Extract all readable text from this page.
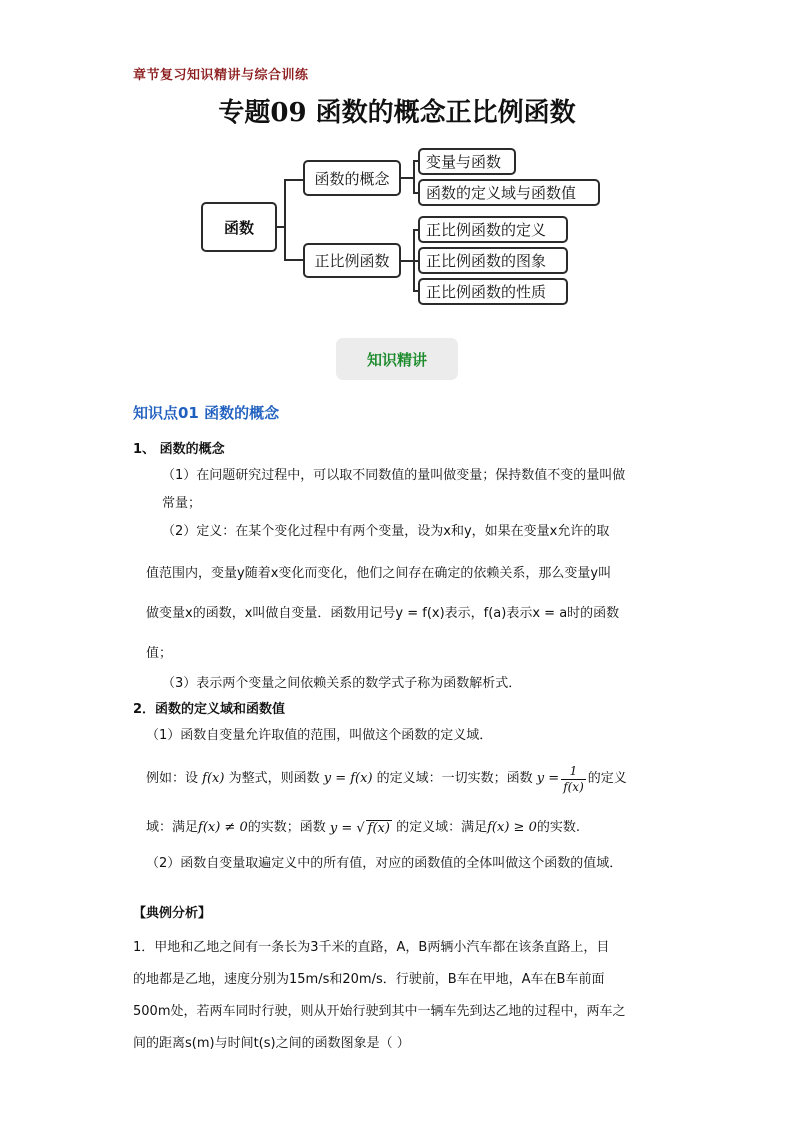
章节复习知识精讲与综合训练
专题09 函数的概念正比例函数
函数
函数的概念
正比例函数
变量与函数
函数的定义域与函数值
正比例函数的定义
正比例函数的图象
正比例函数的性质
知识精讲
知识点01 函数的概念
1、 函数的概念
（1）在问题研究过程中，可以取不同数值的量叫做变量；保持数值不变的量叫做
常量；
（2）定义：在某个变化过程中有两个变量，设为x和y，如果在变量x允许的取
值范围内，变量y随着x变化而变化，他们之间存在确定的依赖关系，那么变量y叫
做变量x的函数，x叫做自变量．函数用记号y = f(x)表示，f(a)表示x = a时的函数
值；
（3）表示两个变量之间依赖关系的数学式子称为函数解析式．
2．函数的定义域和函数值
（1）函数自变量允许取值的范围，叫做这个函数的定义域．
例如：设 f(x) 为整式，则函数 y = f(x) 的定义域：一切实数；函数 $y = \frac{1}{f(x)}$ 的定义
域：满足 f(x) ≠ 0 的实数；函数 y = √ f(x) 的定义域：满足 f(x) ≥ 0 的实数.
（2）函数自变量取遍定义中的所有值，对应的函数值的全体叫做这个函数的值域．
【典例分析】
1．甲地和乙地之间有一条长为3千米的直路，A，B两辆小汽车都在该条直路上，目
的地都是乙地，速度分别为15m/s和20m/s．行驶前，B车在甲地，A车在B车前面
500m处，若两车同时行驶，则从开始行驶到其中一辆车先到达乙地的过程中，两车之
间的距离s(m)与时间t(s)之间的函数图象是（ ）
